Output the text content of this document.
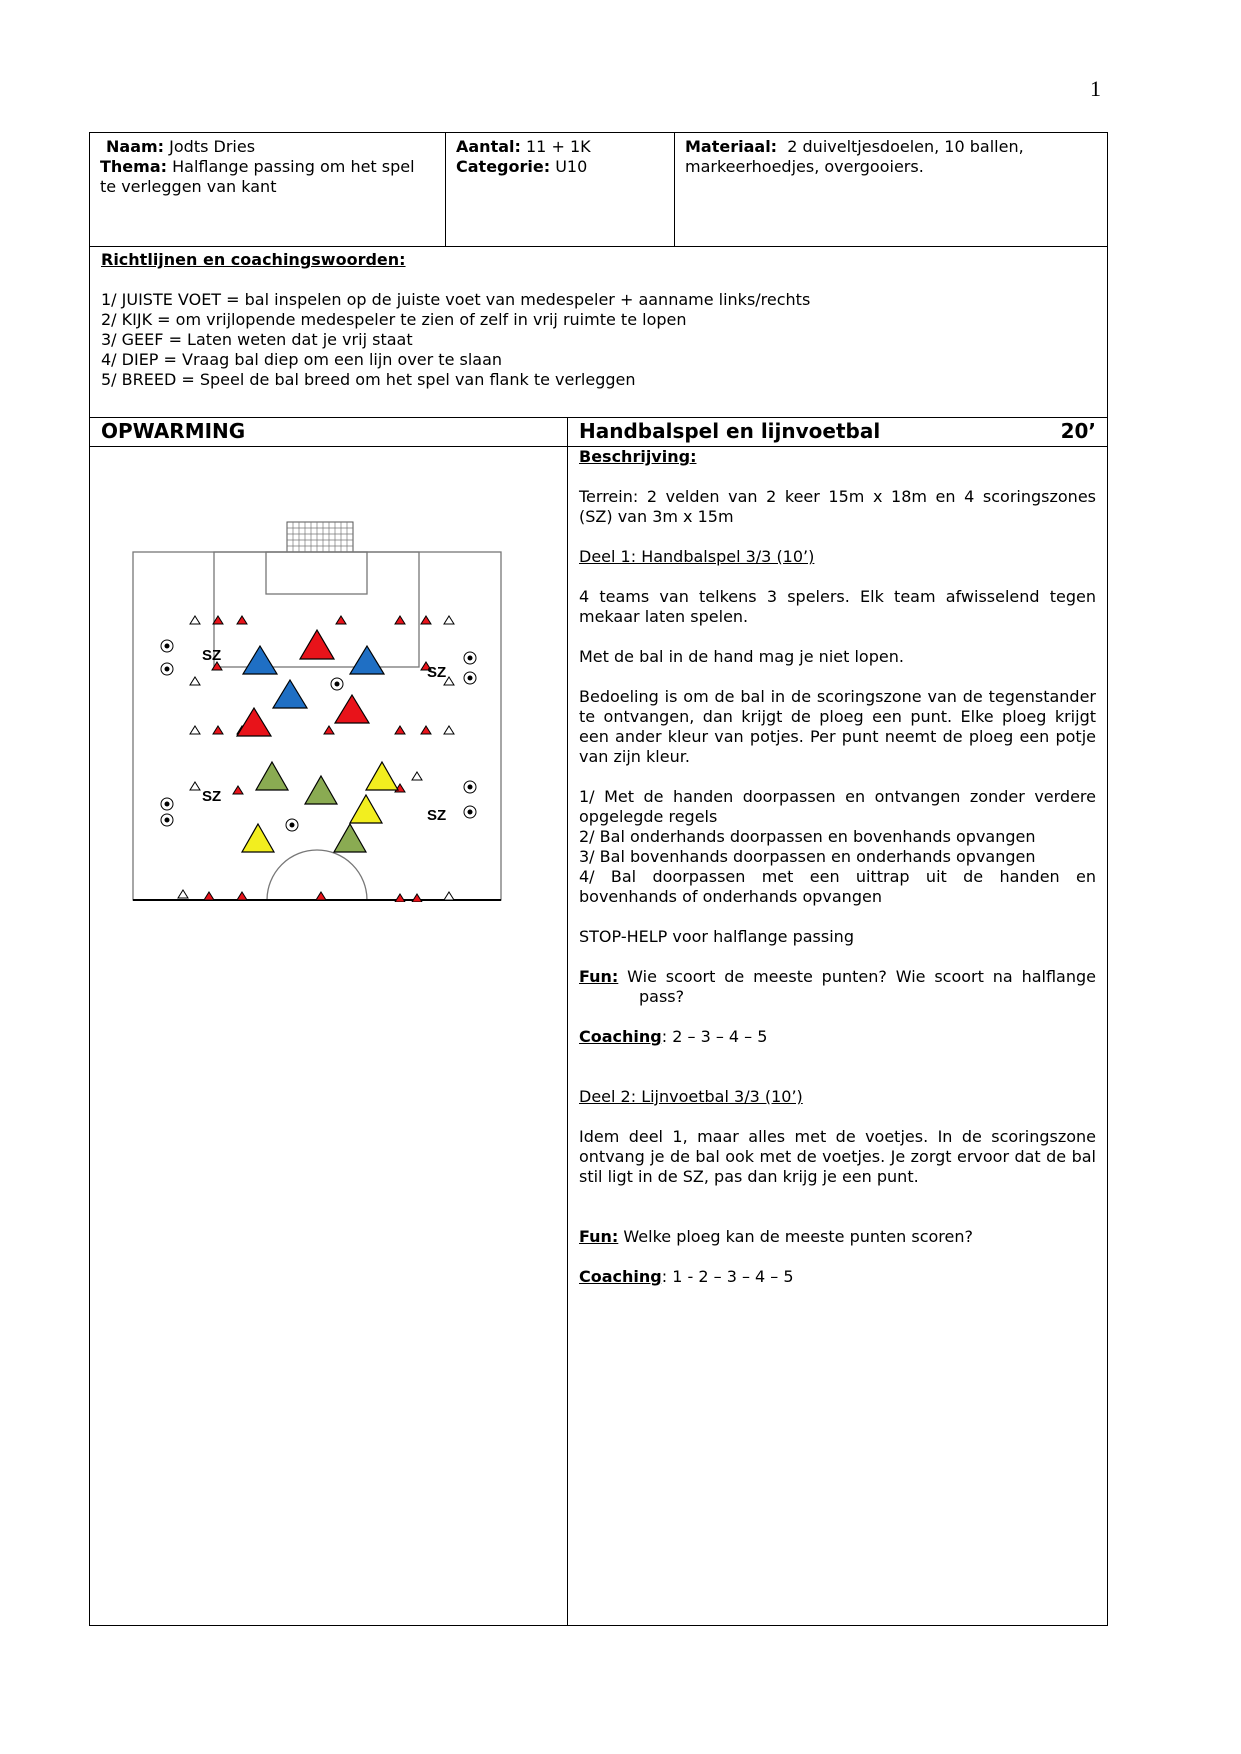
1
Naam: Jodts Dries
Thema: Halflange passing om het spel te verleggen van kant
Aantal: 11 + 1K
Categorie: U10
Materiaal: 2 duiveltjesdoelen, 10 ballen, markeerhoedjes, overgooiers.
Richtlijnen en coachingswoorden:
1/ JUISTE VOET = bal inspelen op de juiste voet van medespeler + aanname links/rechts
2/ KIJK = om vrijlopende medespeler te zien of zelf in vrij ruimte te lopen
3/ GEEF = Laten weten dat je vrij staat
4/ DIEP = Vraag bal diep om een lijn over te slaan
5/ BREED = Speel de bal breed om het spel van flank te verleggen
OPWARMING	Handbalspel en lijnvoetbal	20’
SZ
SZ
SZ
SZ

Beschrijving:

Terrein: 2 velden van 2 keer 15m x 18m en 4 scoringszones (SZ) van 3m x 15m

Deel 1: Handbalspel 3/3 (10’)

4 teams van telkens 3 spelers. Elk team afwisselend tegen mekaar laten spelen.

Met de bal in de hand mag je niet lopen.

Bedoeling is om de bal in de scoringszone van de tegenstander te ontvangen, dan krijgt de ploeg een punt. Elke ploeg krijgt een ander kleur van potjes. Per punt neemt de ploeg een potje van zijn kleur.

1/ Met de handen doorpassen en ontvangen zonder verdere opgelegde regels
2/ Bal onderhands doorpassen en bovenhands opvangen
3/ Bal bovenhands doorpassen en onderhands opvangen
4/ Bal doorpassen met een uittrap uit de handen en bovenhands of onderhands opvangen

STOP-HELP voor halflange passing

Fun: Wie scoort de meeste punten? Wie scoort na halflange pass?

Coaching: 2 – 3 – 4 – 5

Deel 2: Lijnvoetbal 3/3 (10’)

Idem deel 1, maar alles met de voetjes. In de scoringszone ontvang je de bal ook met de voetjes. Je zorgt ervoor dat de bal stil ligt in de SZ, pas dan krijg je een punt.

Fun: Welke ploeg kan de meeste punten scoren?

Coaching: 1 - 2 – 3 – 4 – 5
